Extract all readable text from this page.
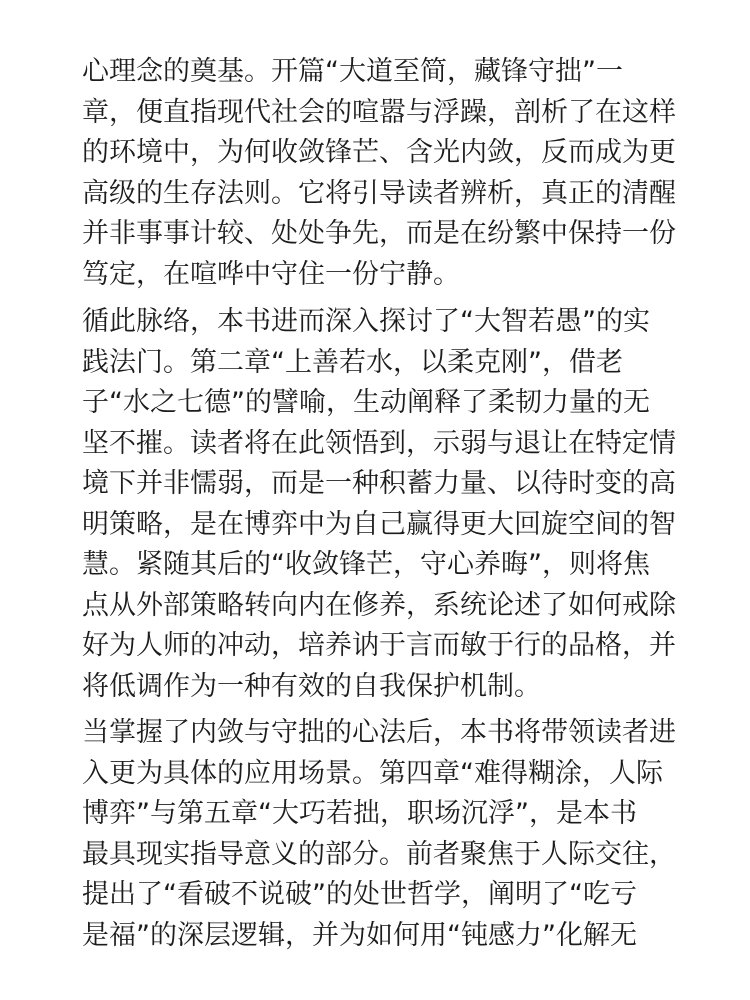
心理念的奠基。开篇“大道至简，藏锋守拙”一
章，便直指现代社会的喧嚣与浮躁，剖析了在这样
的环境中，为何收敛锋芒、含光内敛，反而成为更
高级的生存法则。它将引导读者辨析，真正的清醒
并非事事计较、处处争先，而是在纷繁中保持一份
笃定，在喧哗中守住一份宁静。
循此脉络，本书进而深入探讨了“大智若愚”的实
践法门。第二章“上善若水，以柔克刚”，借老
子“水之七德”的譬喻，生动阐释了柔韧力量的无
坚不摧。读者将在此领悟到，示弱与退让在特定情
境下并非懦弱，而是一种积蓄力量、以待时变的高
明策略，是在博弈中为自己赢得更大回旋空间的智
慧。紧随其后的“收敛锋芒，守心养晦”，则将焦
点从外部策略转向内在修养，系统论述了如何戒除
好为人师的冲动，培养讷于言而敏于行的品格，并
将低调作为一种有效的自我保护机制。
当掌握了内敛与守拙的心法后，本书将带领读者进
入更为具体的应用场景。第四章“难得糊涂，人际
博弈”与第五章“大巧若拙，职场沉浮”，是本书
最具现实指导意义的部分。前者聚焦于人际交往，
提出了“看破不说破”的处世哲学，阐明了“吃亏
是福”的深层逻辑，并为如何用“钝感力”化解无
